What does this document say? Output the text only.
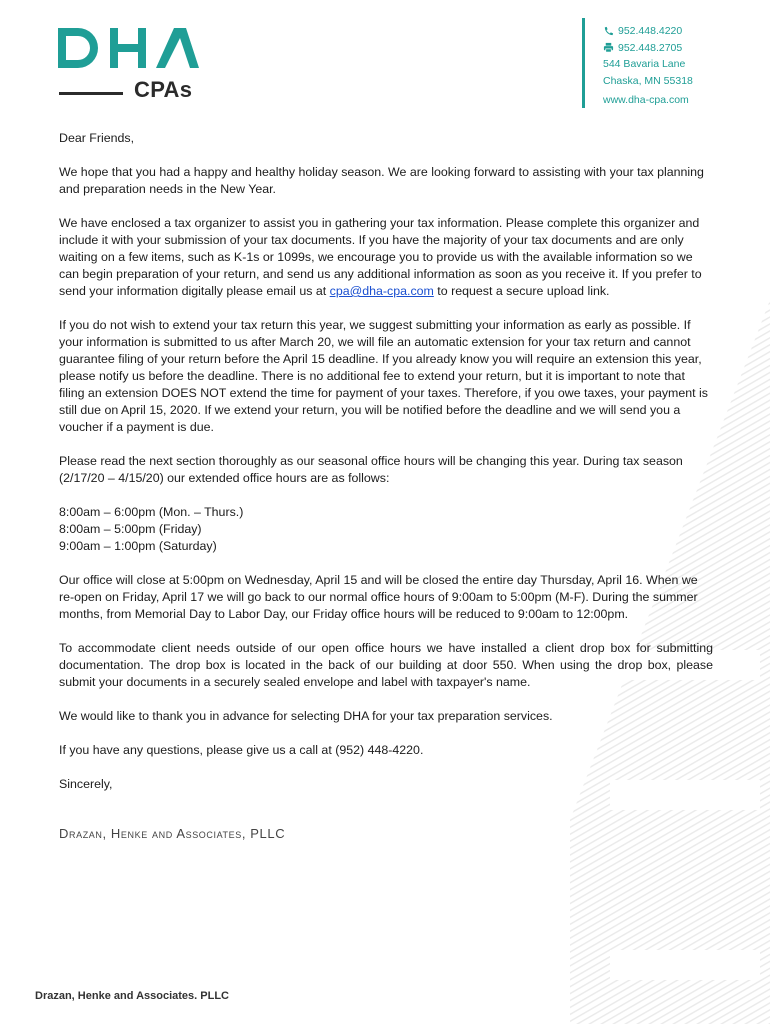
CPAs
952.448.4220
952.448.2705
544 Bavaria Lane
Chaska, MN 55318
www.dha-cpa.com

Dear Friends,

We hope that you had a happy and healthy holiday season. We are looking forward to assisting with your tax planning and preparation needs in the New Year.

We have enclosed a tax organizer to assist you in gathering your tax information. Please complete this organizer and include it with your submission of your tax documents. If you have the majority of your tax documents and are only waiting on a few items, such as K-1s or 1099s, we encourage you to provide us with the available information so we can begin preparation of your return, and send us any additional information as soon as you receive it. If you prefer to send your information digitally please email us at cpa@dha-cpa.com to request a secure upload link.

If you do not wish to extend your tax return this year, we suggest submitting your information as early as possible. If your information is submitted to us after March 20, we will file an automatic extension for your tax return and cannot guarantee filing of your return before the April 15 deadline. If you already know you will require an extension this year, please notify us before the deadline. There is no additional fee to extend your return, but it is important to note that filing an extension DOES NOT extend the time for payment of your taxes. Therefore, if you owe taxes, your payment is still due on April 15, 2020. If we extend your return, you will be notified before the deadline and we will send you a voucher if a payment is due.

Please read the next section thoroughly as our seasonal office hours will be changing this year. During tax season (2/17/20 – 4/15/20) our extended office hours are as follows:

8:00am – 6:00pm (Mon. – Thurs.)

8:00am – 5:00pm (Friday)

9:00am – 1:00pm (Saturday)

Our office will close at 5:00pm on Wednesday, April 15 and will be closed the entire day Thursday, April 16. When we re-open on Friday, April 17 we will go back to our normal office hours of 9:00am to 5:00pm (M-F). During the summer months, from Memorial Day to Labor Day, our Friday office hours will be reduced to 9:00am to 12:00pm.

To accommodate client needs outside of our open office hours we have installed a client drop box for submitting documentation. The drop box is located in the back of our building at door 550. When using the drop box, please submit your documents in a securely sealed envelope and label with taxpayer's name.

We would like to thank you in advance for selecting DHA for your tax preparation services.

If you have any questions, please give us a call at (952) 448-4220.

Sincerely,

Drazan, Henke and Associates, PLLC
Drazan, Henke and Associates. PLLC
